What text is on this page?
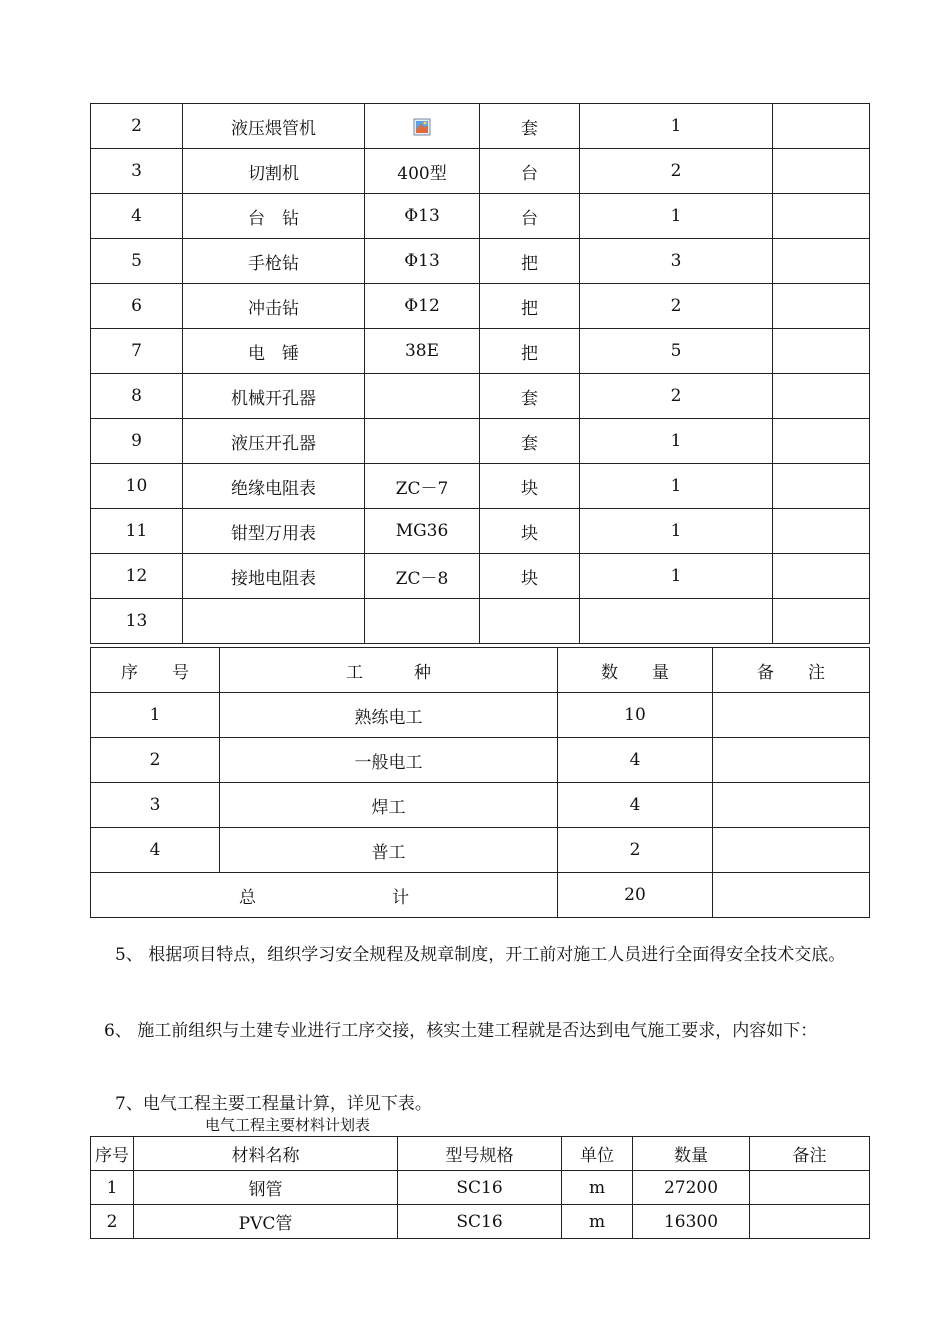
2	液压煨管机		套	1	
3	切割机	400型	台	2	
4	台　钻	Φ13	台	1	
5	手枪钻	Φ13	把	3	
6	冲击钻	Φ12	把	2	
7	电　锤	38E	把	5	
8	机械开孔器		套	2	
9	液压开孔器		套	1	
10	绝缘电阻表	ZC－7	块	1	
11	钳型万用表	MG36	块	1	
12	接地电阻表	ZC－8	块	1	
13					
序　　号	工　　　种	数　　量	备　　注
1	熟练电工	10	
2	一般电工	4	
3	焊工	4	
4	普工	2	
总　　　　　　　　计		20	

5、 根据项目特点，组织学习安全规程及规章制度，开工前对施工人员进行全面得安全技术交底。

6、 施工前组织与土建专业进行工序交接，核实土建工程就是否达到电气施工要求，内容如下：

7、电气工程主要工程量计算，详见下表。

电气工程主要材料计划表

序号	材料名称	型号规格	单位	数量	备注
1	钢管	SC16	m	27200	
2	PVC管	SC16	m	16300	
